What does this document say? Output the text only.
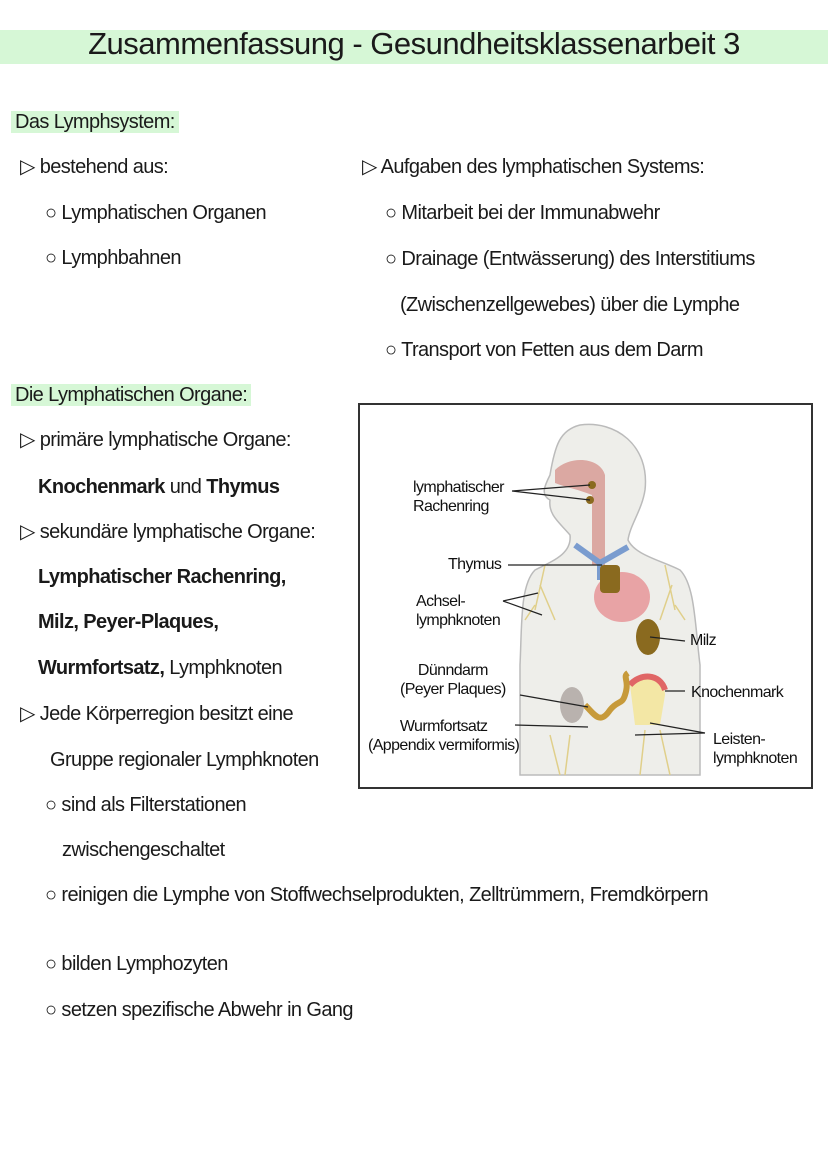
Zusammenfassung - Gesundheitsklassenarbeit 3
Das Lymphsystem:
▷ bestehend aus:
○ Lymphatischen Organen
○ Lymphbahnen
▷ Aufgaben des lymphatischen Systems:
○ Mitarbeit bei der Immunabwehr
○ Drainage (Entwässerung) des Interstitiums
(Zwischenzellgewebes) über die Lymphe
○ Transport von Fetten aus dem Darm
Die Lymphatischen Organe:
▷ primäre lymphatische Organe:
Knochenmark und Thymus
▷ sekundäre lymphatische Organe:
Lymphatischer Rachenring,
Milz, Peyer-Plaques,
Wurmfortsatz, Lymphknoten
▷ Jede Körperregion besitzt eine
Gruppe regionaler Lymphknoten
○ sind als Filterstationen
zwischengeschaltet
○ reinigen die Lymphe von Stoffwechselprodukten, Zelltrümmern, Fremdkörpern
○ bilden Lymphozyten
○ setzen spezifische Abwehr in Gang
lymphatischer
Rachenring
Thymus
Achsel-
lymphknoten
Milz
Dünndarm
(Peyer Plaques)	Knochenmark
Wurmfortsatz
(Appendix vermiformis)	Leisten-
lymphknoten
